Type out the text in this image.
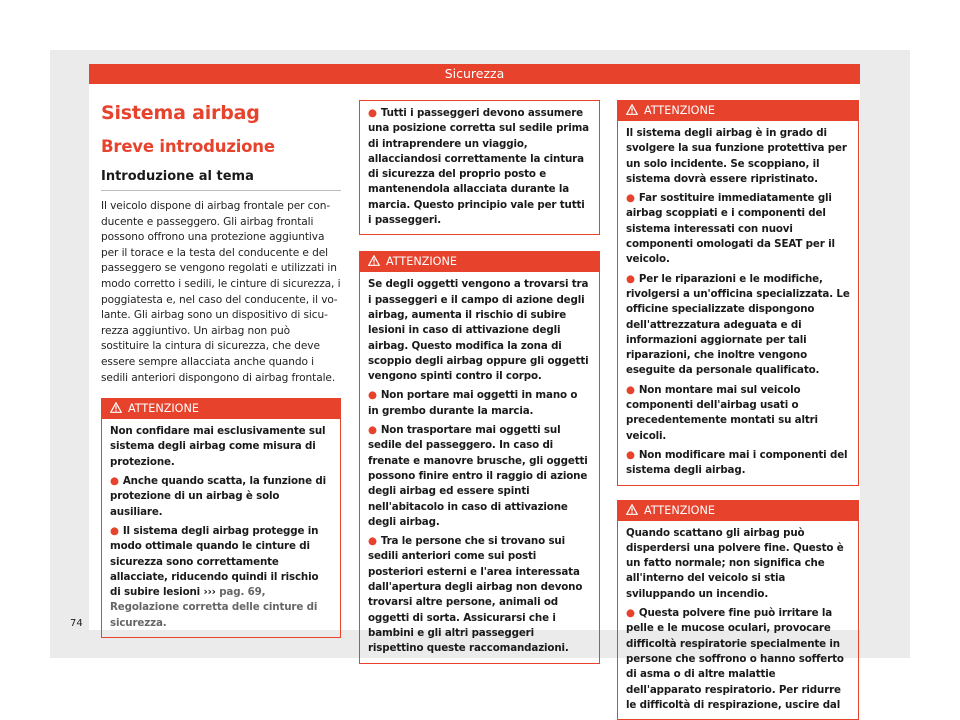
Sicurezza
Sistema airbag
Breve introduzione
Introduzione al tema

Il veicolo dispone di airbag frontale per conducente e passeggero. Gli airbag frontali possono offrono una protezione aggiuntiva per il torace e la testa del conducente e del passeggero se vengono regolati e utilizzati in modo corretto i sedili, le cinture di sicurezza, i poggiatesta e, nel caso del conducente, il volante. Gli airbag sono un dispositivo di sicurezza aggiuntivo. Un airbag non può sostituire la cintura di sicurezza, che deve essere sempre allacciata anche quando i sedili anteriori dispongono di airbag frontale.

ATTENZIONE

Non confidare mai esclusivamente sul sistema degli airbag come misura di protezione.

● Anche quando scatta, la funzione di protezione di un airbag è solo ausiliare.

● Il sistema degli airbag protegge in modo ottimale quando le cinture di sicurezza sono correttamente allacciate, riducendo quindi il rischio di subire lesioni ››› pag. 69, Regolazione corretta delle cinture di sicurezza.

● Tutti i passeggeri devono assumere una posizione corretta sul sedile prima di intraprendere un viaggio, allacciandosi correttamente la cintura di sicurezza del proprio posto e mantenendola allacciata durante la marcia. Questo principio vale per tutti i passeggeri.

ATTENZIONE

Se degli oggetti vengono a trovarsi tra i passeggeri e il campo di azione degli airbag, aumenta il rischio di subire lesioni in caso di attivazione degli airbag. Questo modifica la zona di scoppio degli airbag oppure gli oggetti vengono spinti contro il corpo.

● Non portare mai oggetti in mano o in grembo durante la marcia.

● Non trasportare mai oggetti sul sedile del passeggero. In caso di frenate e manovre brusche, gli oggetti possono finire entro il raggio di azione degli airbag ed essere spinti nell'abitacolo in caso di attivazione degli airbag.

● Tra le persone che si trovano sui sedili anteriori come sui posti posteriori esterni e l'area interessata dall'apertura degli airbag non devono trovarsi altre persone, animali od oggetti di sorta. Assicurarsi che i bambini e gli altri passeggeri rispettino queste raccomandazioni.

ATTENZIONE

Il sistema degli airbag è in grado di svolgere la sua funzione protettiva per un solo incidente. Se scoppiano, il sistema dovrà essere ripristinato.

● Far sostituire immediatamente gli airbag scoppiati e i componenti del sistema interessati con nuovi componenti omologati da SEAT per il veicolo.

● Per le riparazioni e le modifiche, rivolgersi a un'officina specializzata. Le officine specializzate dispongono dell'attrezzatura adeguata e di informazioni aggiornate per tali riparazioni, che inoltre vengono eseguite da personale qualificato.

● Non montare mai sul veicolo componenti dell'airbag usati o precedentemente montati su altri veicoli.

● Non modificare mai i componenti del sistema degli airbag.

ATTENZIONE

Quando scattano gli airbag può disperdersi una polvere fine. Questo è un fatto normale; non significa che all'interno del veicolo si stia sviluppando un incendio.

● Questa polvere fine può irritare la pelle e le mucose oculari, provocare difficoltà respiratorie specialmente in persone che soffrono o hanno sofferto di asma o di altre malattie dell'apparato respiratorio. Per ridurre le difficoltà di respirazione, uscire dal

74
